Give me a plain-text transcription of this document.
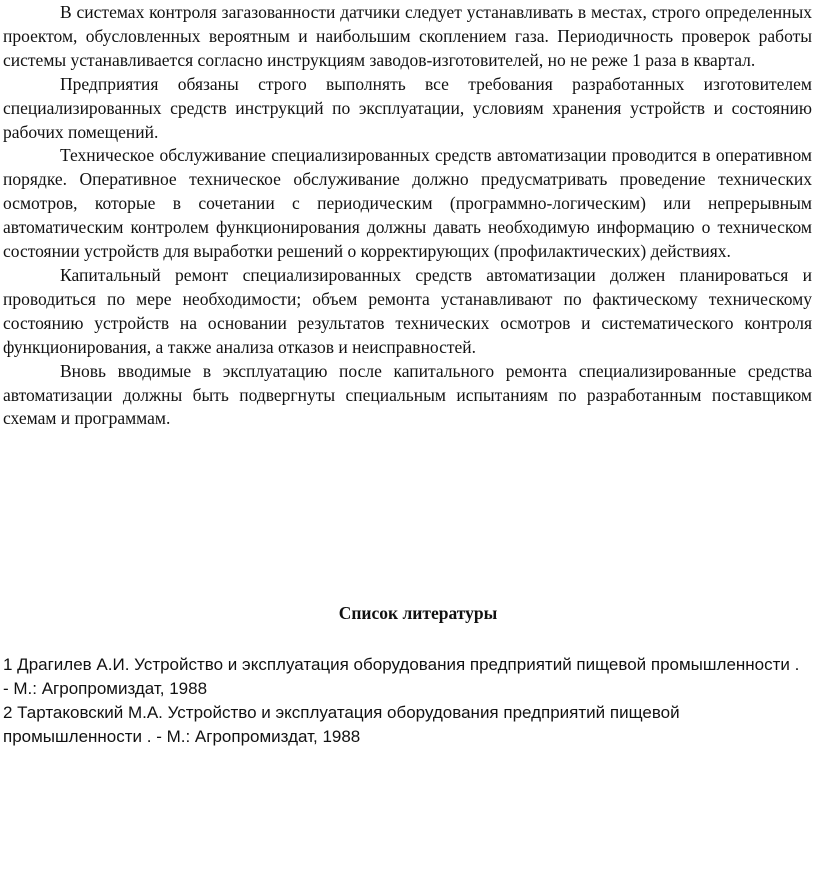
В системах контроля загазованности датчики следует устанавливать в местах, строго определенных проектом, обусловленных вероятным и наибольшим скоплением газа. Периодичность проверок работы системы устанавливается согласно инструкциям заводов-изготовителей, но не реже 1 раза в квартал.

Предприятия обязаны строго выполнять все требования разработанных изготовителем специализированных средств инструкций по эксплуатации, условиям хранения устройств и состоянию рабочих помещений.

Техническое обслуживание специализированных средств автоматизации проводится в оперативном порядке. Оперативное техническое обслуживание должно предусматривать проведение технических осмотров, которые в сочетании с периодическим (программно-логическим) или непрерывным автоматическим контролем функционирования должны давать необходимую информацию о техническом состоянии устройств для выработки решений о корректирующих (профилактических) действиях.

Капитальный ремонт специализированных средств автоматизации должен планироваться и проводиться по мере необходимости; объем ремонта устанавливают по фактическому техническому состоянию устройств на основании результатов технических осмотров и систематического контроля функционирования, а также анализа отказов и неисправностей.

Вновь вводимые в эксплуатацию после капитального ремонта специализированные средства автоматизации должны быть подвергнуты специальным испытаниям по разработанным поставщиком схемам и программам.

Список литературы
1 Драгилев А.И. Устройство и эксплуатация оборудования предприятий пищевой промышленности . - М.: Агропромиздат, 1988
2 Тартаковский М.А. Устройство и эксплуатация оборудования предприятий пищевой промышленности . - М.: Агропромиздат, 1988
